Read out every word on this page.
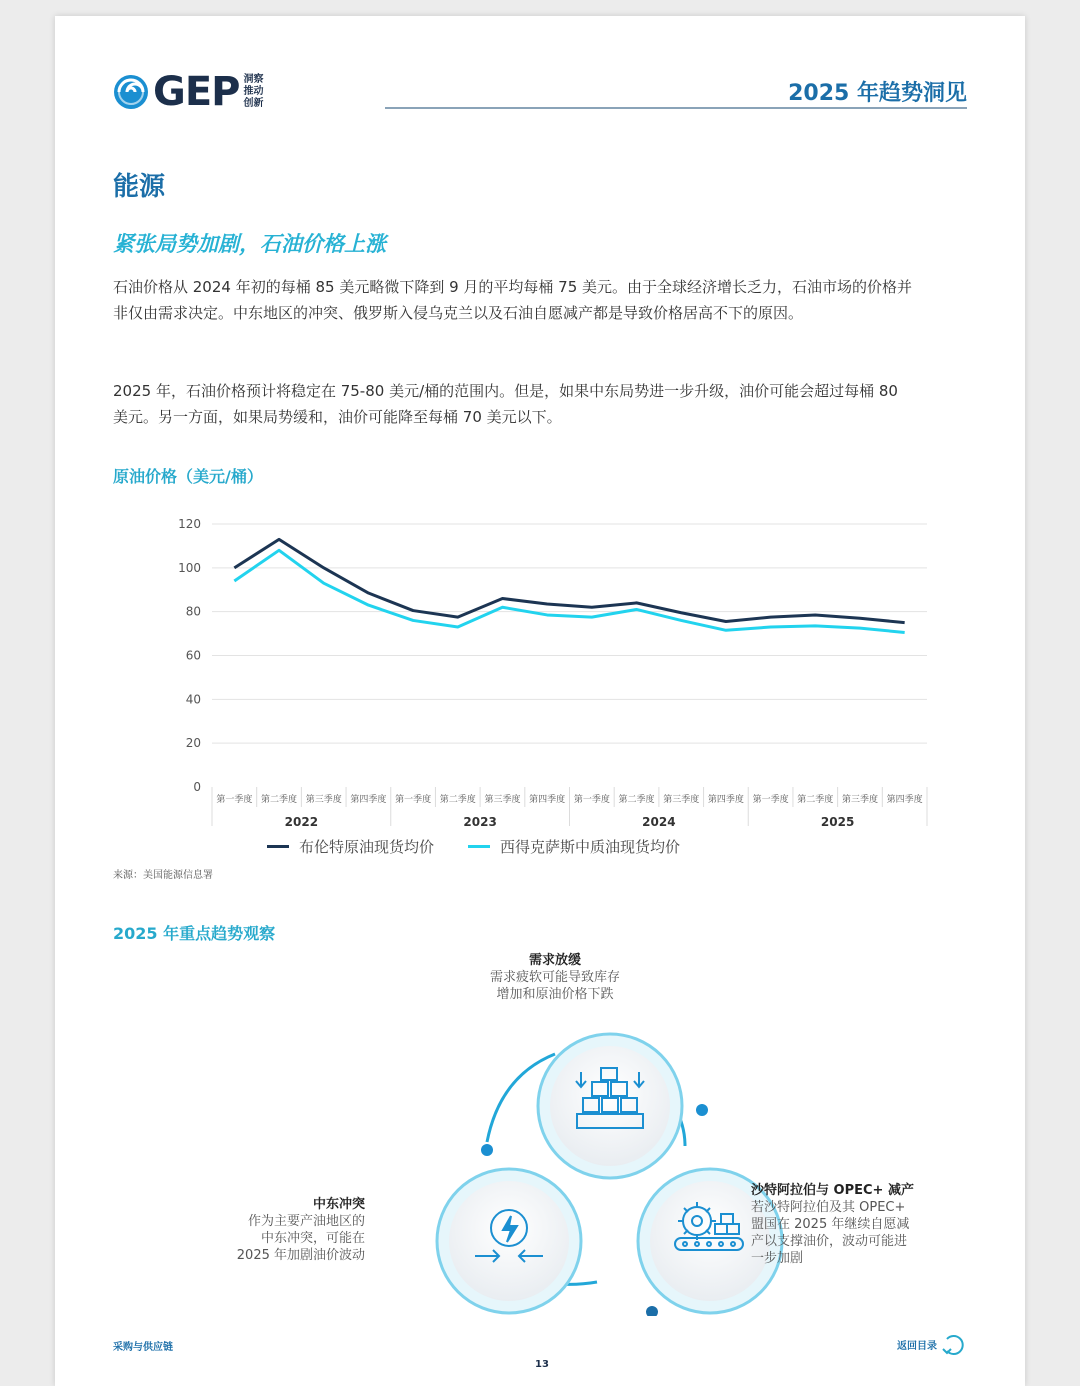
GEP 洞察
推动
创新	2025 年趋势洞见
能源
紧张局势加剧，石油价格上涨
石油价格从 2024 年初的每桶 85 美元略微下降到 9 月的平均每桶 75 美元。由于全球经济增长乏力，石油市场的价格并非仅由需求决定。中东地区的冲突、俄罗斯入侵乌克兰以及石油自愿减产都是导致价格居高不下的原因。
2025 年，石油价格预计将稳定在 75-80 美元/桶的范围内。但是，如果中东局势进一步升级，油价可能会超过每桶 80 美元。另一方面，如果局势缓和，油价可能降至每桶 70 美元以下。
原油价格（美元/桶）
0
20
40
60
80
100
120
第一季度 第二季度 第三季度 第四季度 第一季度 第二季度 第三季度 第四季度 第一季度 第二季度 第三季度 第四季度 第一季度 第二季度 第三季度 第四季度
2022	2023	2024	2025
布伦特原油现货均价	西得克萨斯中质油现货均价
来源：美国能源信息署
2025 年重点趋势观察
需求放缓
需求疲软可能导致库存
增加和原油价格下跌
中东冲突
作为主要产油地区的
中东冲突，可能在
2025 年加剧油价波动
沙特阿拉伯与 OPEC+ 减产
若沙特阿拉伯及其 OPEC+
盟国在 2025 年继续自愿减
产以支撑油价，波动可能进
一步加剧
采购与供应链	返回目录
13
